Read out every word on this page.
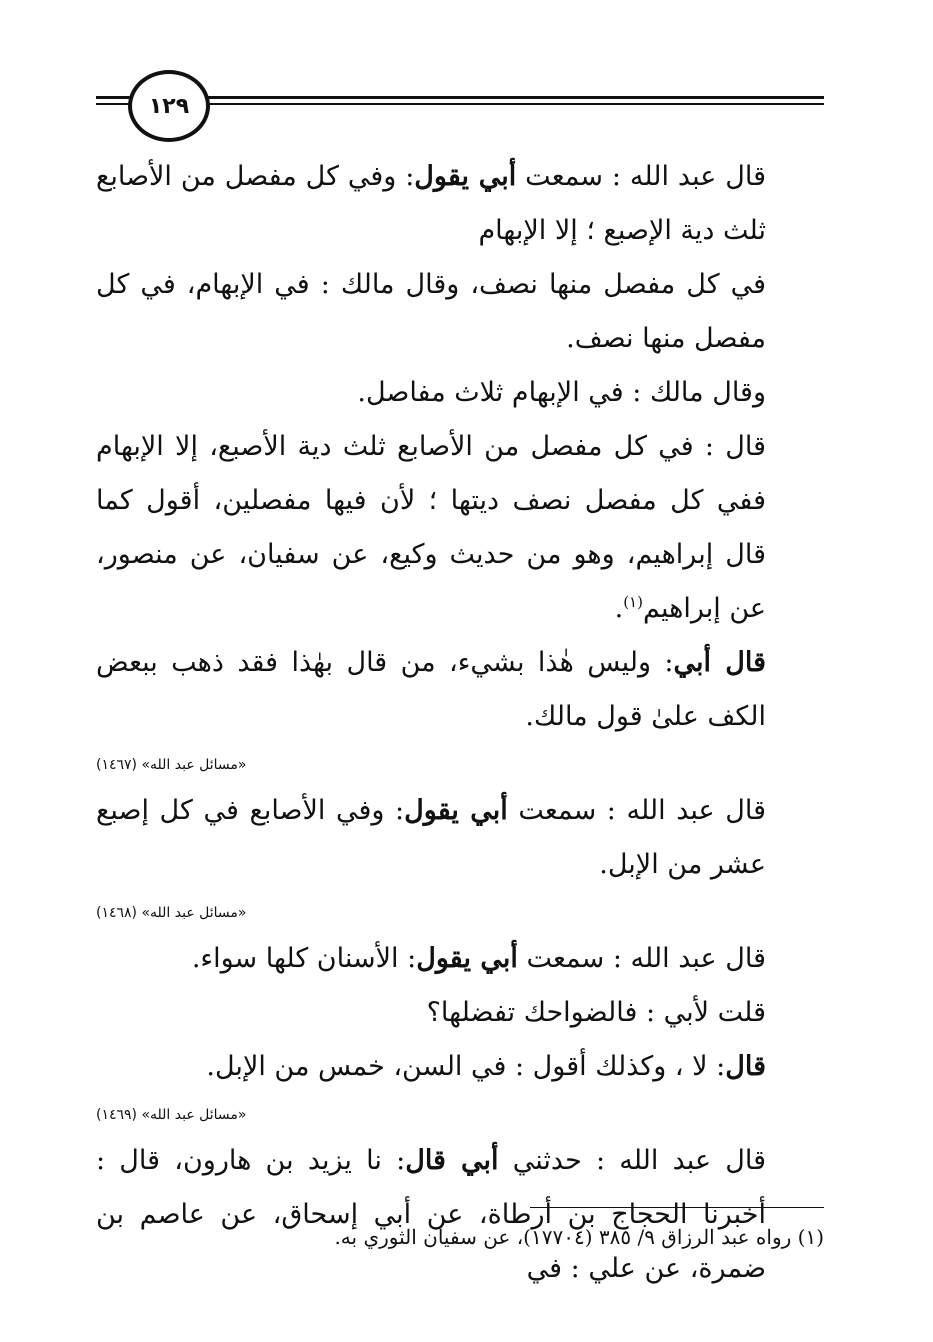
١٢٩

قال عبد الله : سمعت أبي يقول: وفي كل مفصل من الأصابع ثلث دية الإصبع ؛ إلا الإبهام

في كل مفصل منها نصف، وقال مالك : في الإبهام، في كل مفصل منها نصف.

وقال مالك : في الإبهام ثلاث مفاصل.

قال : في كل مفصل من الأصابع ثلث دية الأصبع، إلا الإبهام ففي كل مفصل نصف ديتها ؛ لأن فيها مفصلين، أقول كما قال إبراهيم، وهو من حديث وكيع، عن سفيان، عن منصور، عن إبراهيم$^{(١)}$.

قال أبي: وليس هٰذا بشيء، من قال بهٰذا فقد ذهب ببعض الكف علىٰ قول مالك.

«مسائل عبد الله» (١٤٦٧)

قال عبد الله : سمعت أبي يقول: وفي الأصابع في كل إصبع عشر من الإبل.

«مسائل عبد الله» (١٤٦٨)

قال عبد الله : سمعت أبي يقول: الأسنان كلها سواء.

قلت لأبي : فالضواحك تفضلها؟

قال: لا ، وكذلك أقول : في السن، خمس من الإبل.

«مسائل عبد الله» (١٤٦٩)

قال عبد الله : حدثني أبي قال: نا يزيد بن هارون، قال : أخبرنا الحجاج بن أرطاة، عن أبي إسحاق، عن عاصم بن ضمرة، عن علي : في

(١) رواه عبد الرزاق ٩/ ٣٨٥ (١٧٧٠٤)، عن سفيان الثوري به.
